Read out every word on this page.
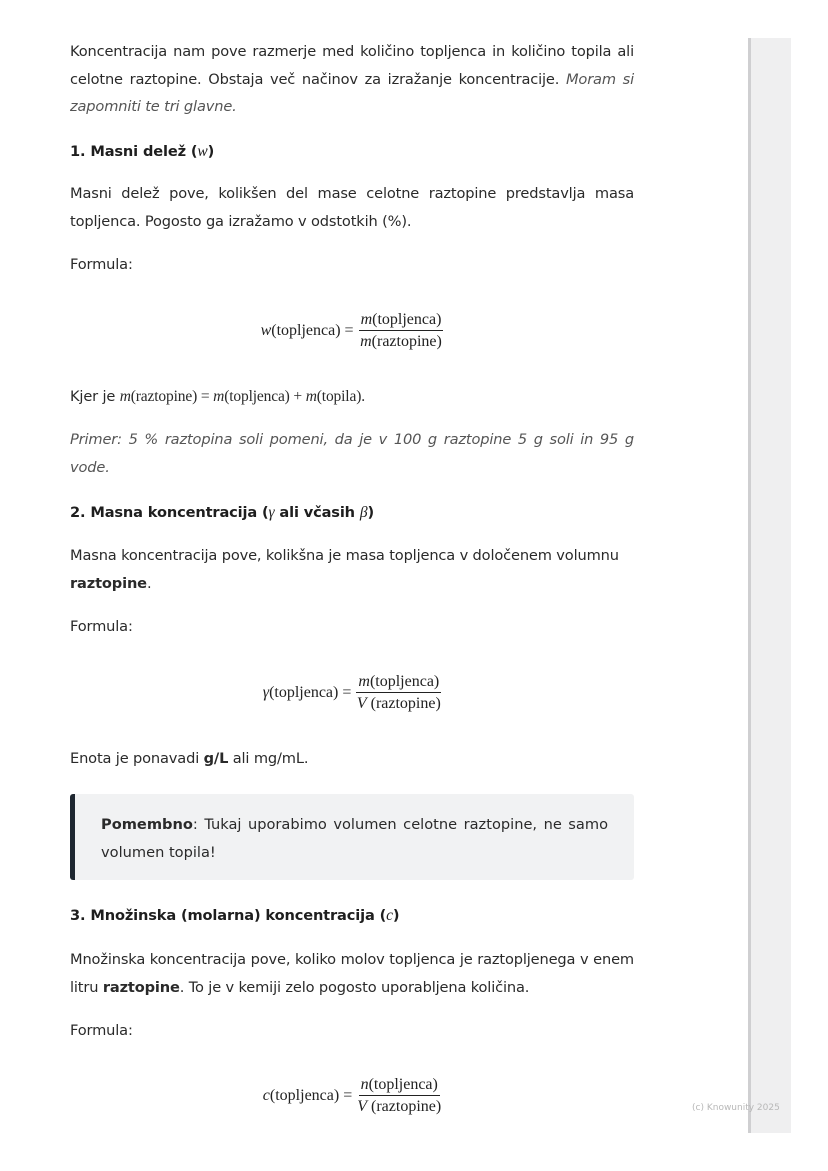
Koncentracija nam pove razmerje med količino topljenca in količino topila ali celotne raztopine. Obstaja več načinov za izražanje koncentracije. Moram si zapomniti te tri glavne.
1. Masni delež (w)
Masni delež pove, kolikšen del mase celotne raztopine predstavlja masa topljenca. Pogosto ga izražamo v odstotkih (%).
Formula:
w(topljenca) = $\frac{\text{m(topljenca)}}{\text{m(raztopine)}}$
Kjer je m(raztopine) = m(topljenca) + m(topila).
Primer: 5 % raztopina soli pomeni, da je v 100 g raztopine 5 g soli in 95 g vode.
2. Masna koncentracija (γ ali včasih β)
Masna koncentracija pove, kolikšna je masa topljenca v določenem volumnu raztopine.
Formula:
γ(topljenca) = $\frac{\text{m(topljenca)}}{\text{V (raztopine)}}$
Enota je ponavadi g/L ali mg/mL.
Pomembno: Tukaj uporabimo volumen celotne raztopine, ne samo volumen topila!
3. Množinska (molarna) koncentracija (c)
Množinska koncentracija pove, koliko molov topljenca je raztopljenega v enem litru raztopine. To je v kemiji zelo pogosto uporabljena količina.
Formula:
c(topljenca) = $\frac{\text{n(topljenca)}}{\text{V (raztopine)}}$	(c) Knowunity 2025
